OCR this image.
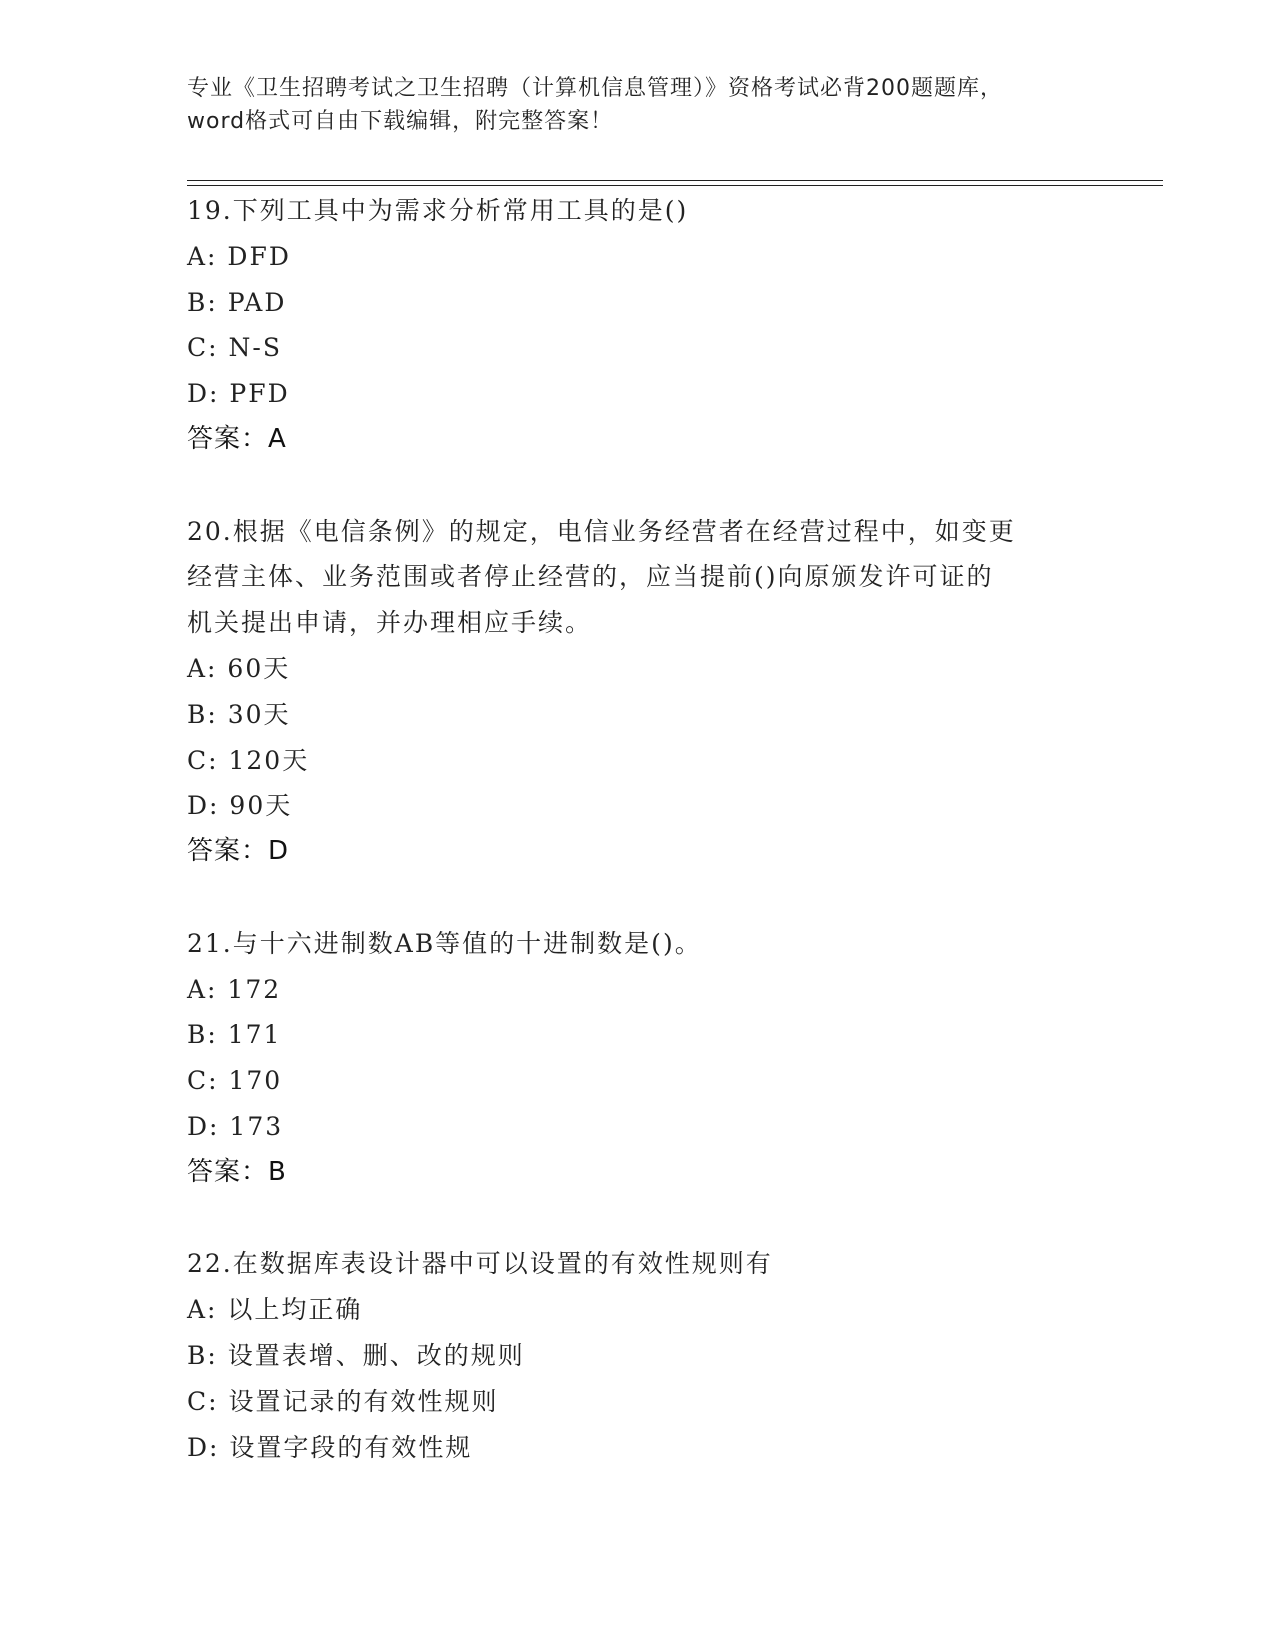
专业《卫生招聘考试之卫生招聘（计算机信息管理）》资格考试必背200题题库，
word格式可自由下载编辑，附完整答案！

19.下列工具中为需求分析常用工具的是()

A: DFD

B: PAD

C: N-S

D: PFD

答案：A

20.根据《电信条例》的规定，电信业务经营者在经营过程中，如变更

经营主体、业务范围或者停止经营的，应当提前()向原颁发许可证的

机关提出申请，并办理相应手续。

A: 60天

B: 30天

C: 120天

D: 90天

答案：D

21.与十六进制数AB等值的十进制数是()。

A: 172

B: 171

C: 170

D: 173

答案：B

22.在数据库表设计器中可以设置的有效性规则有

A: 以上均正确

B: 设置表增、删、改的规则

C: 设置记录的有效性规则

D: 设置字段的有效性规
